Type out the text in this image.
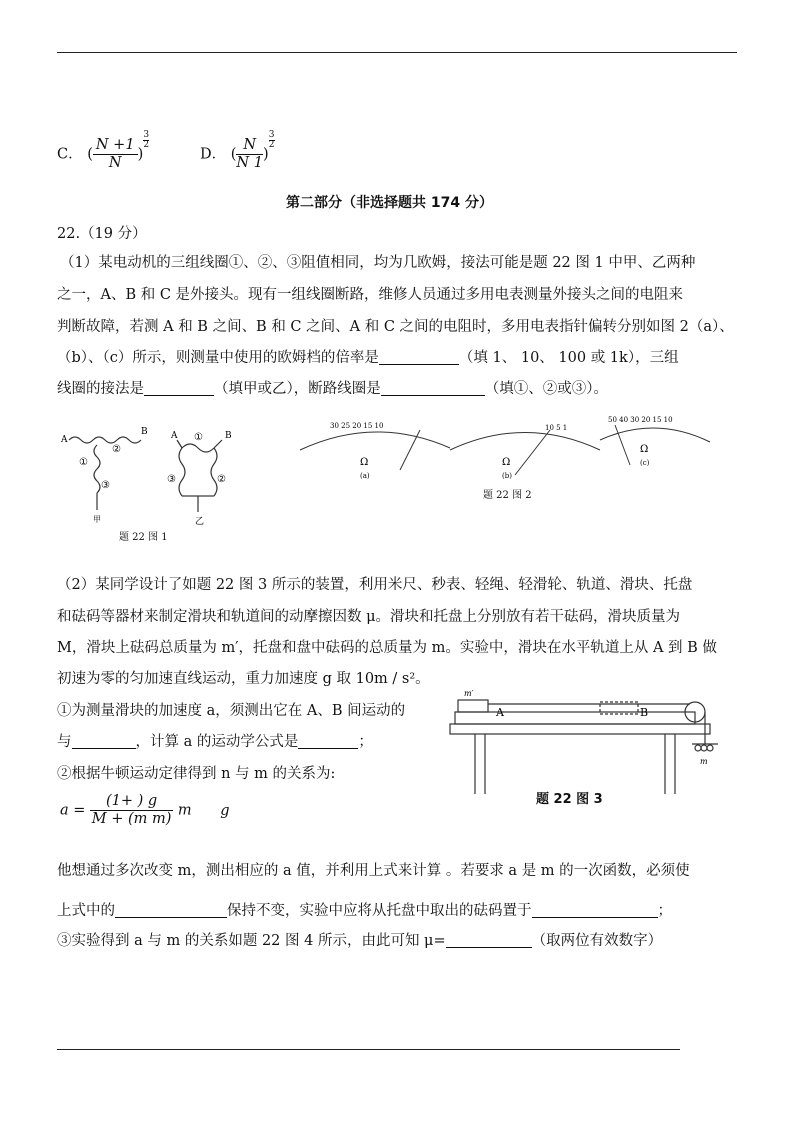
C． ( $\frac{N +1}{N}$ )
$\frac{3}{2}$
D． ( $\frac{N}{N 1}$ )
$\frac{3}{2}$
第二部分（非选择题共 174 分）
22.（19 分）
（1）某电动机的三组线圈①、②、③阻值相同，均为几欧姆，接法可能是题 22 图 1 中甲、乙两种
之一，A、B 和 C 是外接头。现有一组线圈断路，维修人员通过多用电表测量外接头之间的电阻来
判断故障，若测 A 和 B 之间、B 和 C 之间、A 和 C 之间的电阻时，多用电表指针偏转分别如图 2（a）、
（b）、（c）所示，则测量中使用的欧姆档的倍率是	（填 1、 10、 100 或 1k），三组
线圈的接法是	（填甲或乙），断路线圈是	（填①、②或③）。
A
B
①
②
③
甲
①
③	②
A	B
乙
题 22 图 1
30 25 20 15 10	10 5 1
50 40 30 20 15 10
Ω	Ω
Ω
(a)	(b)
(c)
题 22 图 2
（2）某同学设计了如题 22 图 3 所示的装置，利用米尺、秒表、轻绳、轻滑轮、轨道、滑块、托盘
和砝码等器材来制定滑块和轨道间的动摩擦因数 μ。滑块和托盘上分别放有若干砝码，滑块质量为
M，滑块上砝码总质量为 m′，托盘和盘中砝码的总质量为 m。实验中，滑块在水平轨道上从 A 到 B 做
初速为零的匀加速直线运动，重力加速度 g 取 10m / s²。
①为测量滑块的加速度 a，须测出它在 A、B 间运动的
与	，计算 a 的运动学公式是	；
②根据牛顿运动定律得到 n 与 m 的关系为:
$a = \frac{(1+ ) g}{\text{M + (m m)}}$ m g
他想通过多次改变 m，测出相应的 a 值，并利用上式来计算 。若要求 a 是 m 的一次函数，必须使
上式中的	保持不变，实验中应将从托盘中取出的砝码置于	；
③实验得到 a 与 m 的关系如题 22 图 4 所示，由此可知 μ=	（取两位有效数字）
A	B
m′
m
题 22 图 3
